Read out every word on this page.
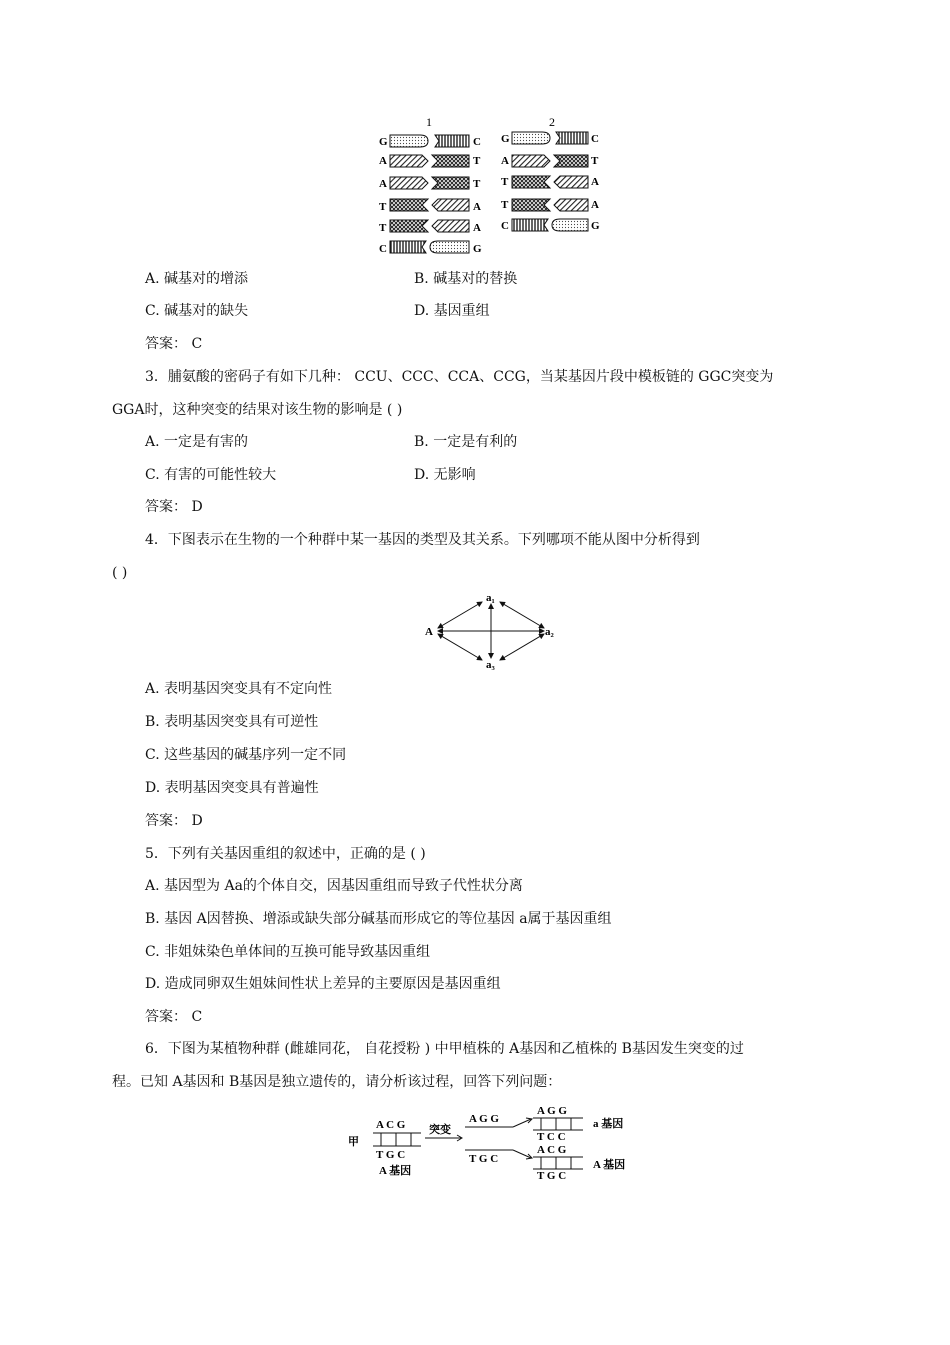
1	2
G
A
A
T
T
C
C
T
T
A
A
G
G
A
T
T
C
C
T
A
A
G
A. 碱基对的增添	B. 碱基对的替换
C. 碱基对的缺失	D. 基因重组
答案： C
3．脯氨酸的密码子有如下几种： CCU、CCC、CCA、CCG，当某基因片段中模板链的 GGC突变为
GGA时，这种突变的结果对该生物的影响是 ( )
A. 一定是有害的	B. 一定是有利的
C. 有害的可能性较大	D. 无影响
答案： D
4．下图表示在生物的一个种群中某一基因的类型及其关系。下列哪项不能从图中分析得到
( )
A
a₁
a₂
a₃
A. 表明基因突变具有不定向性
B. 表明基因突变具有可逆性
C. 这些基因的碱基序列一定不同
D. 表明基因突变具有普遍性
答案： D
5．下列有关基因重组的叙述中，正确的是 ( )
A. 基因型为 Aa的个体自交，因基因重组而导致子代性状分离
B. 基因 A因替换、增添或缺失部分碱基而形成它的等位基因 a属于基因重组
C. 非姐妹染色单体间的互换可能导致基因重组
D. 造成同卵双生姐妹间性状上差异的主要原因是基因重组
答案： C
6．下图为某植物种群 (雌雄同花， 自花授粉 ) 中甲植株的 A基因和乙植株的 B基因发生突变的过
程。已知 A基因和 B基因是独立遗传的，请分析该过程，回答下列问题：
甲
A C G
T G C
A 基因
突变
A G G
T G C
A G G
T C C
a 基因
A C G
T G C
A 基因
